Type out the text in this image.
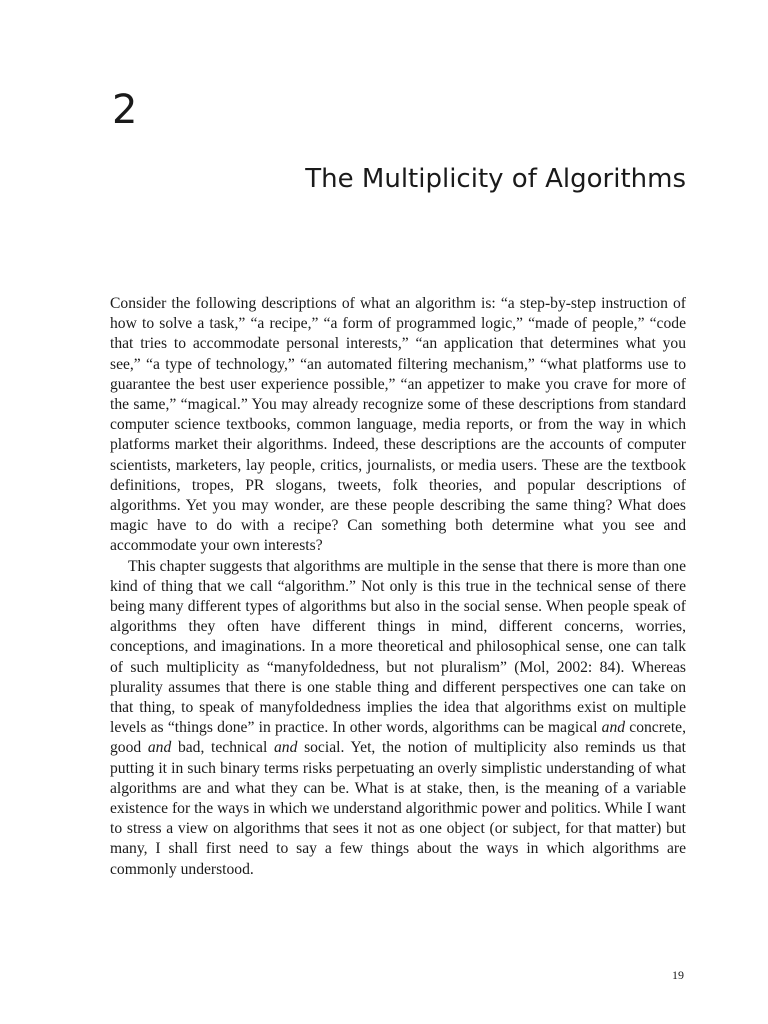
2
The Multiplicity of Algorithms

Consider the following descriptions of what an algorithm is: “a step-by-step instruction of how to solve a task,” “a recipe,” “a form of programmed logic,” “made of people,” “code that tries to accommodate personal interests,” “an application that determines what you see,” “a type of technology,” “an automated filtering mechanism,” “what platforms use to guarantee the best user experience possible,” “an appetizer to make you crave for more of the same,” “magical.” You may already recognize some of these descriptions from standard computer science textbooks, common language, media reports, or from the way in which platforms market their algorithms. Indeed, these descriptions are the accounts of computer scientists, marketers, lay people, critics, journalists, or media users. These are the textbook definitions, tropes, PR slogans, tweets, folk theories, and popular descriptions of algorithms. Yet you may wonder, are these people describing the same thing? What does magic have to do with a recipe? Can something both determine what you see and accommodate your own interests?

This chapter suggests that algorithms are multiple in the sense that there is more than one kind of thing that we call “algorithm.” Not only is this true in the technical sense of there being many different types of algorithms but also in the social sense. When people speak of algorithms they often have different things in mind, different concerns, worries, conceptions, and imaginations. In a more theoretical and philosophical sense, one can talk of such multiplicity as “manyfoldedness, but not pluralism” (Mol, 2002: 84). Whereas plurality assumes that there is one stable thing and different perspectives one can take on that thing, to speak of manyfoldedness implies the idea that algorithms exist on multiple levels as “things done” in practice. In other words, algorithms can be magical and concrete, good and bad, technical and social. Yet, the notion of multiplicity also reminds us that putting it in such binary terms risks perpetuating an overly simplistic understanding of what algorithms are and what they can be. What is at stake, then, is the meaning of a variable existence for the ways in which we understand algorithmic power and politics. While I want to stress a view on algorithms that sees it not as one object (or subject, for that matter) but many, I shall first need to say a few things about the ways in which algorithms are commonly understood.

19
